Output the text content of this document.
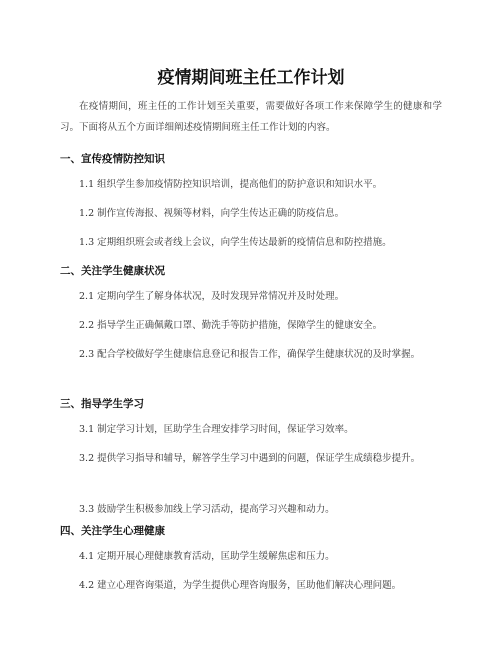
疫情期间班主任工作计划
在疫情期间，班主任的工作计划至关重要，需要做好各项工作来保障学生的健康和学习。下面将从五个方面详细阐述疫情期间班主任工作计划的内容。
一、宣传疫情防控知识
1.1 组织学生参加疫情防控知识培训，提高他们的防护意识和知识水平。
1.2 制作宣传海报、视频等材料，向学生传达正确的防疫信息。
1.3 定期组织班会或者线上会议，向学生传达最新的疫情信息和防控措施。
二、关注学生健康状况
2.1 定期向学生了解身体状况，及时发现异常情况并及时处理。
2.2 指导学生正确佩戴口罩、勤洗手等防护措施，保障学生的健康安全。
2.3 配合学校做好学生健康信息登记和报告工作，确保学生健康状况的及时掌握。
三、指导学生学习
3.1 制定学习计划，匡助学生合理安排学习时间，保证学习效率。
3.2 提供学习指导和辅导，解答学生学习中遇到的问题，保证学生成绩稳步提升。
3.3 鼓励学生积极参加线上学习活动，提高学习兴趣和动力。
四、关注学生心理健康
4.1 定期开展心理健康教育活动，匡助学生缓解焦虑和压力。
4.2 建立心理咨询渠道，为学生提供心理咨询服务，匡助他们解决心理问题。
